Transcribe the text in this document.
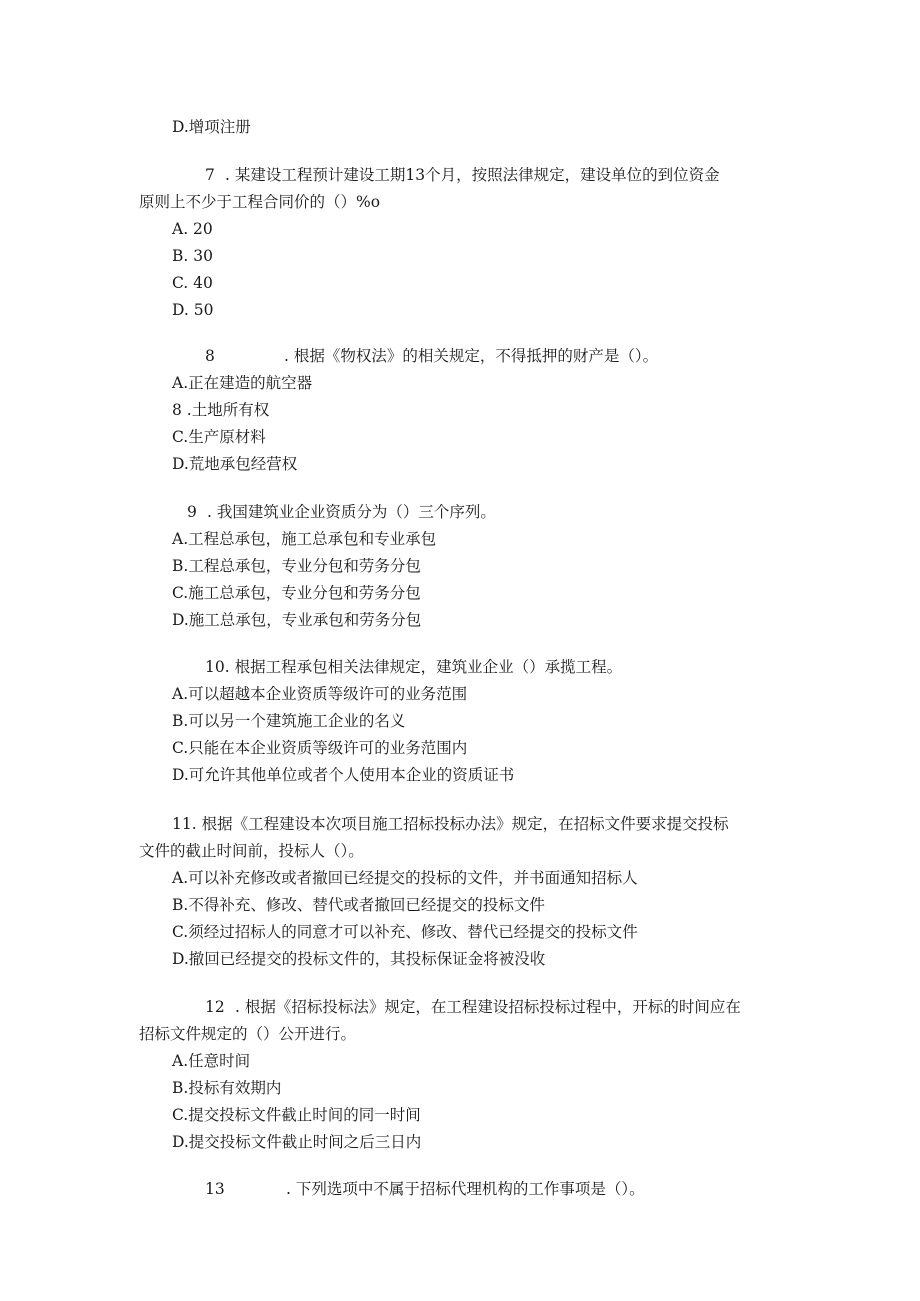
D.增项注册
7 . 某建设工程预计建设工期13个月，按照法律规定，建设单位的到位资金
原则上不少于工程合同价的（）%o
A. 20
B. 30
C. 40
D. 50
8	. 根据《物权法》的相关规定，不得抵押的财产是（）。
A.正在建造的航空器
8 .土地所有权
C.生产原材料
D.荒地承包经营权
9 . 我国建筑业企业资质分为（）三个序列。
A.工程总承包，施工总承包和专业承包
B.工程总承包，专业分包和劳务分包
C.施工总承包，专业分包和劳务分包
D.施工总承包，专业承包和劳务分包
10. 根据工程承包相关法律规定，建筑业企业（）承揽工程。
A.可以超越本企业资质等级许可的业务范围
B.可以另一个建筑施工企业的名义
C.只能在本企业资质等级许可的业务范围内
D.可允许其他单位或者个人使用本企业的资质证书
11. 根据《工程建设本次项目施工招标投标办法》规定，在招标文件要求提交投标
文件的截止时间前，投标人（）。
A.可以补充修改或者撤回已经提交的投标的文件，并书面通知招标人
B.不得补充、修改、替代或者撤回已经提交的投标文件
C.须经过招标人的同意才可以补充、修改、替代已经提交的投标文件
D.撤回已经提交的投标文件的，其投标保证金将被没收
12 . 根据《招标投标法》规定，在工程建设招标投标过程中，开标的时间应在
招标文件规定的（）公开进行。
A.任意时间
B.投标有效期内
C.提交投标文件截止时间的同一时间
D.提交投标文件截止时间之后三日内
13	. 下列选项中不属于招标代理机构的工作事项是（）。
